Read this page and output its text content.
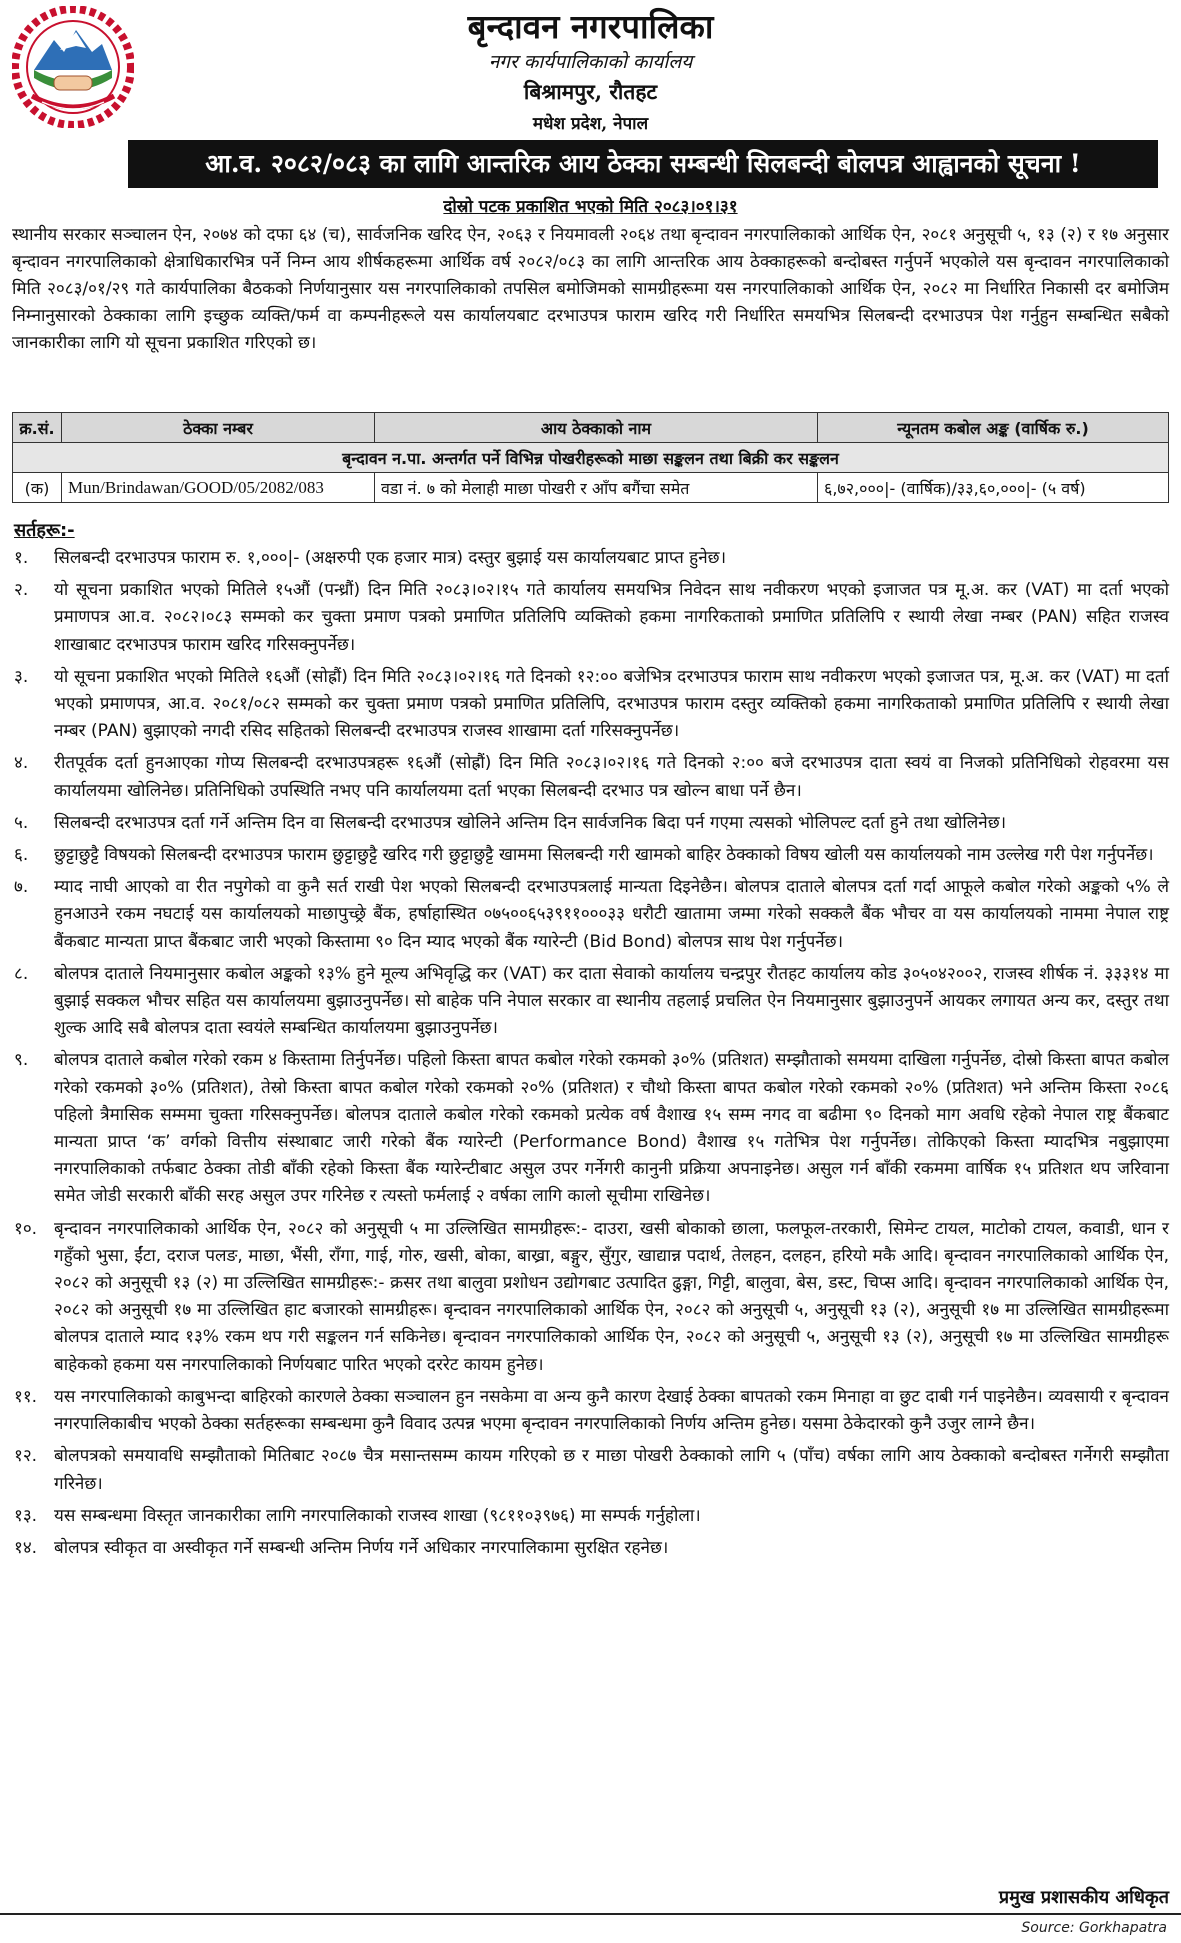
बृन्दावन नगरपालिका
नगर कार्यपालिकाको कार्यालय
बिश्रामपुर, रौतहट
मधेश प्रदेश, नेपाल
आ.व. २०८२/०८३ का लागि आन्तरिक आय ठेक्का सम्बन्धी सिलबन्दी बोलपत्र आह्वानको सूचना !
दोस्रो पटक प्रकाशित भएको मिति २०८३।०१।३१
स्थानीय सरकार सञ्चालन ऐन, २०७४ को दफा ६४ (च), सार्वजनिक खरिद ऐन, २०६३ र नियमावली २०६४ तथा बृन्दावन नगरपालिकाको आर्थिक ऐन, २०८१ अनुसूची ५, १३ (२) र १७ अनुसार बृन्दावन नगरपालिकाको क्षेत्राधिकारभित्र पर्ने निम्न आय शीर्षकहरूमा आर्थिक वर्ष २०८२/०८३ का लागि आन्तरिक आय ठेक्काहरूको बन्दोबस्त गर्नुपर्ने भएकोले यस बृन्दावन नगरपालिकाको मिति २०८३/०१/२९ गते कार्यपालिका बैठकको निर्णयानुसार यस नगरपालिकाको तपसिल बमोजिमको सामग्रीहरूमा यस नगरपालिकाको आर्थिक ऐन, २०८२ मा निर्धारित निकासी दर बमोजिम निम्नानुसारको ठेक्काका लागि इच्छुक व्यक्ति/फर्म वा कम्पनीहरूले यस कार्यालयबाट दरभाउपत्र फाराम खरिद गरी निर्धारित समयभित्र सिलबन्दी दरभाउपत्र पेश गर्नुहुन सम्बन्धित सबैको जानकारीका लागि यो सूचना प्रकाशित गरिएको छ।
क्र.सं.	ठेक्का नम्बर	आय ठेक्काको नाम	न्यूनतम कबोल अङ्क (वार्षिक रु.)
बृन्दावन न.पा. अन्तर्गत पर्ने विभिन्न पोखरीहरूको माछा सङ्कलन तथा बिक्री कर सङ्कलन			
(क)	Mun/Brindawan/GOOD/05/2082/083	वडा नं. ७ को मेलाही माछा पोखरी र आँप बगैंचा समेत	६,७२,०००|- (वार्षिक)/३३,६०,०००|- (५ वर्ष)
सर्तहरू:-
१.	सिलबन्दी दरभाउपत्र फाराम रु. १,०००|- (अक्षरुपी एक हजार मात्र) दस्तुर बुझाई यस कार्यालयबाट प्राप्त हुनेछ।
२.	यो सूचना प्रकाशित भएको मितिले १५औं (पन्ध्रौं) दिन मिति २०८३।०२।१५ गते कार्यालय समयभित्र निवेदन साथ नवीकरण भएको इजाजत पत्र मू.अ. कर (VAT) मा दर्ता भएको प्रमाणपत्र आ.व. २०८२।०८३ सम्मको कर चुक्ता प्रमाण पत्रको प्रमाणित प्रतिलिपि व्यक्तिको हकमा नागरिकताको प्रमाणित प्रतिलिपि र स्थायी लेखा नम्बर (PAN) सहित राजस्व शाखाबाट दरभाउपत्र फाराम खरिद गरिसक्नुपर्नेछ।
३.	यो सूचना प्रकाशित भएको मितिले १६औं (सोह्रौं) दिन मिति २०८३।०२।१६ गते दिनको १२:०० बजेभित्र दरभाउपत्र फाराम साथ नवीकरण भएको इजाजत पत्र, मू.अ. कर (VAT) मा दर्ता भएको प्रमाणपत्र, आ.व. २०८१/०८२ सम्मको कर चुक्ता प्रमाण पत्रको प्रमाणित प्रतिलिपि, दरभाउपत्र फाराम दस्तुर व्यक्तिको हकमा नागरिकताको प्रमाणित प्रतिलिपि र स्थायी लेखा नम्बर (PAN) बुझाएको नगदी रसिद सहितको सिलबन्दी दरभाउपत्र राजस्व शाखामा दर्ता गरिसक्नुपर्नेछ।
४.	रीतपूर्वक दर्ता हुनआएका गोप्य सिलबन्दी दरभाउपत्रहरू १६औं (सोह्रौं) दिन मिति २०८३।०२।१६ गते दिनको २:०० बजे दरभाउपत्र दाता स्वयं वा निजको प्रतिनिधिको रोहवरमा यस कार्यालयमा खोलिनेछ। प्रतिनिधिको उपस्थिति नभए पनि कार्यालयमा दर्ता भएका सिलबन्दी दरभाउ पत्र खोल्न बाधा पर्ने छैन।
५.	सिलबन्दी दरभाउपत्र दर्ता गर्ने अन्तिम दिन वा सिलबन्दी दरभाउपत्र खोलिने अन्तिम दिन सार्वजनिक बिदा पर्न गएमा त्यसको भोलिपल्ट दर्ता हुने तथा खोलिनेछ।
६.	छुट्टाछुट्टै विषयको सिलबन्दी दरभाउपत्र फाराम छुट्टाछुट्टै खरिद गरी छुट्टाछुट्टै खाममा सिलबन्दी गरी खामको बाहिर ठेक्काको विषय खोली यस कार्यालयको नाम उल्लेख गरी पेश गर्नुपर्नेछ।
७.	म्याद नाघी आएको वा रीत नपुगेको वा कुनै सर्त राखी पेश भएको सिलबन्दी दरभाउपत्रलाई मान्यता दिइनेछैन। बोलपत्र दाताले बोलपत्र दर्ता गर्दा आफूले कबोल गरेको अङ्कको ५% ले हुनआउने रकम नघटाई यस कार्यालयको माछापुच्छ्रे बैंक, हर्षाहास्थित ०७५००६५३९११०००३३ धरौटी खातामा जम्मा गरेको सक्कलै बैंक भौचर वा यस कार्यालयको नाममा नेपाल राष्ट्र बैंकबाट मान्यता प्राप्त बैंकबाट जारी भएको किस्तामा ९० दिन म्याद भएको बैंक ग्यारेन्टी (Bid Bond) बोलपत्र साथ पेश गर्नुपर्नेछ।
८.	बोलपत्र दाताले नियमानुसार कबोल अङ्कको १३% हुने मूल्य अभिवृद्धि कर (VAT) कर दाता सेवाको कार्यालय चन्द्रपुर रौतहट कार्यालय कोड ३०५०४२००२, राजस्व शीर्षक नं. ३३३१४ मा बुझाई सक्कल भौचर सहित यस कार्यालयमा बुझाउनुपर्नेछ। सो बाहेक पनि नेपाल सरकार वा स्थानीय तहलाई प्रचलित ऐन नियमानुसार बुझाउनुपर्ने आयकर लगायत अन्य कर, दस्तुर तथा शुल्क आदि सबै बोलपत्र दाता स्वयंले सम्बन्धित कार्यालयमा बुझाउनुपर्नेछ।
९.	बोलपत्र दाताले कबोल गरेको रकम ४ किस्तामा तिर्नुपर्नेछ। पहिलो किस्ता बापत कबोल गरेको रकमको ३०% (प्रतिशत) सम्झौताको समयमा दाखिला गर्नुपर्नेछ, दोस्रो किस्ता बापत कबोल गरेको रकमको ३०% (प्रतिशत), तेस्रो किस्ता बापत कबोल गरेको रकमको २०% (प्रतिशत) र चौथो किस्ता बापत कबोल गरेको रकमको २०% (प्रतिशत) भने अन्तिम किस्ता २०८६ पहिलो त्रैमासिक सम्ममा चुक्ता गरिसक्नुपर्नेछ। बोलपत्र दाताले कबोल गरेको रकमको प्रत्येक वर्ष वैशाख १५ सम्म नगद वा बढीमा ९० दिनको माग अवधि रहेको नेपाल राष्ट्र बैंकबाट मान्यता प्राप्त ‘क’ वर्गको वित्तीय संस्थाबाट जारी गरेको बैंक ग्यारेन्टी (Performance Bond) वैशाख १५ गतेभित्र पेश गर्नुपर्नेछ। तोकिएको किस्ता म्यादभित्र नबुझाएमा नगरपालिकाको तर्फबाट ठेक्का तोडी बाँकी रहेको किस्ता बैंक ग्यारेन्टीबाट असुल उपर गर्नेगरी कानुनी प्रक्रिया अपनाइनेछ। असुल गर्न बाँकी रकममा वार्षिक १५ प्रतिशत थप जरिवाना समेत जोडी सरकारी बाँकी सरह असुल उपर गरिनेछ र त्यस्तो फर्मलाई २ वर्षका लागि कालो सूचीमा राखिनेछ।
१०. बृन्दावन नगरपालिकाको आर्थिक ऐन, २०८२ को अनुसूची ५ मा उल्लिखित सामग्रीहरू:- दाउरा, खसी बोकाको छाला, फलफूल-तरकारी, सिमेन्ट टायल, माटोको टायल, कवाडी, धान र गहुँको भुसा, ईंटा, दराज पलङ, माछा, भैंसी, राँगा, गाई, गोरु, खसी, बोका, बाख्रा, बङ्गुर, सुँगुर, खाद्यान्न पदार्थ, तेलहन, दलहन, हरियो मकै आदि। बृन्दावन नगरपालिकाको आर्थिक ऐन, २०८२ को अनुसूची १३ (२) मा उल्लिखित सामग्रीहरू:- क्रसर तथा बालुवा प्रशोधन उद्योगबाट उत्पादित ढुङ्गा, गिट्टी, बालुवा, बेस, डस्ट, चिप्स आदि। बृन्दावन नगरपालिकाको आर्थिक ऐन, २०८२ को अनुसूची १७ मा उल्लिखित हाट बजारको सामग्रीहरू। बृन्दावन नगरपालिकाको आर्थिक ऐन, २०८२ को अनुसूची ५, अनुसूची १३ (२), अनुसूची १७ मा उल्लिखित सामग्रीहरूमा बोलपत्र दाताले म्याद १३% रकम थप गरी सङ्कलन गर्न सकिनेछ। बृन्दावन नगरपालिकाको आर्थिक ऐन, २०८२ को अनुसूची ५, अनुसूची १३ (२), अनुसूची १७ मा उल्लिखित सामग्रीहरू बाहेकको हकमा यस नगरपालिकाको निर्णयबाट पारित भएको दररेट कायम हुनेछ।
११. यस नगरपालिकाको काबुभन्दा बाहिरको कारणले ठेक्का सञ्चालन हुन नसकेमा वा अन्य कुनै कारण देखाई ठेक्का बापतको रकम मिनाहा वा छुट दाबी गर्न पाइनेछैन। व्यवसायी र बृन्दावन नगरपालिकाबीच भएको ठेक्का सर्तहरूका सम्बन्धमा कुनै विवाद उत्पन्न भएमा बृन्दावन नगरपालिकाको निर्णय अन्तिम हुनेछ। यसमा ठेकेदारको कुनै उजुर लाग्ने छैन।
१२. बोलपत्रको समयावधि सम्झौताको मितिबाट २०८७ चैत्र मसान्तसम्म कायम गरिएको छ र माछा पोखरी ठेक्काको लागि ५ (पाँच) वर्षका लागि आय ठेक्काको बन्दोबस्त गर्नेगरी सम्झौता गरिनेछ।
१३. यस सम्बन्धमा विस्तृत जानकारीका लागि नगरपालिकाको राजस्व शाखा (९८११०३९७६) मा सम्पर्क गर्नुहोला।
१४. बोलपत्र स्वीकृत वा अस्वीकृत गर्ने सम्बन्धी अन्तिम निर्णय गर्ने अधिकार नगरपालिकामा सुरक्षित रहनेछ।
प्रमुख प्रशासकीय अधिकृत
Source: Gorkhapatra
